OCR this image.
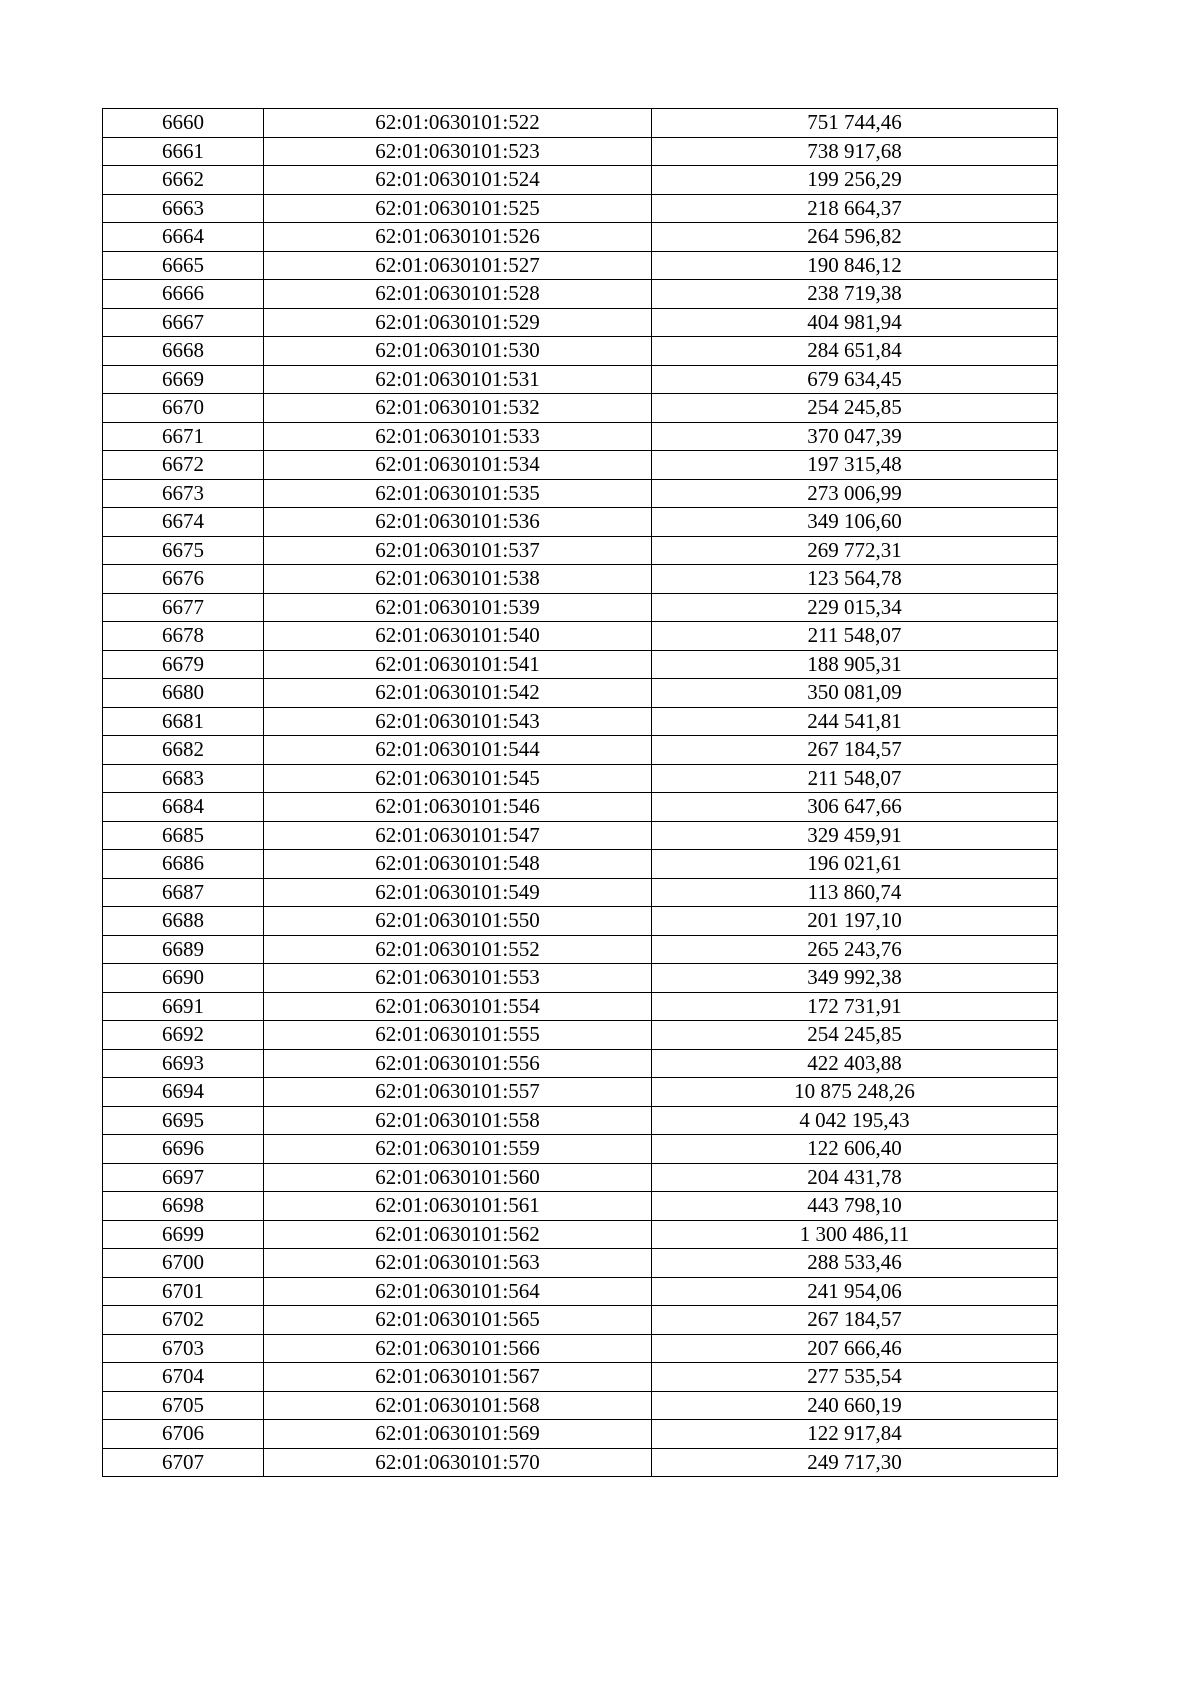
6660	62:01:0630101:522	751 744,46
6661	62:01:0630101:523	738 917,68
6662	62:01:0630101:524	199 256,29
6663	62:01:0630101:525	218 664,37
6664	62:01:0630101:526	264 596,82
6665	62:01:0630101:527	190 846,12
6666	62:01:0630101:528	238 719,38
6667	62:01:0630101:529	404 981,94
6668	62:01:0630101:530	284 651,84
6669	62:01:0630101:531	679 634,45
6670	62:01:0630101:532	254 245,85
6671	62:01:0630101:533	370 047,39
6672	62:01:0630101:534	197 315,48
6673	62:01:0630101:535	273 006,99
6674	62:01:0630101:536	349 106,60
6675	62:01:0630101:537	269 772,31
6676	62:01:0630101:538	123 564,78
6677	62:01:0630101:539	229 015,34
6678	62:01:0630101:540	211 548,07
6679	62:01:0630101:541	188 905,31
6680	62:01:0630101:542	350 081,09
6681	62:01:0630101:543	244 541,81
6682	62:01:0630101:544	267 184,57
6683	62:01:0630101:545	211 548,07
6684	62:01:0630101:546	306 647,66
6685	62:01:0630101:547	329 459,91
6686	62:01:0630101:548	196 021,61
6687	62:01:0630101:549	113 860,74
6688	62:01:0630101:550	201 197,10
6689	62:01:0630101:552	265 243,76
6690	62:01:0630101:553	349 992,38
6691	62:01:0630101:554	172 731,91
6692	62:01:0630101:555	254 245,85
6693	62:01:0630101:556	422 403,88
6694	62:01:0630101:557	10 875 248,26
6695	62:01:0630101:558	4 042 195,43
6696	62:01:0630101:559	122 606,40
6697	62:01:0630101:560	204 431,78
6698	62:01:0630101:561	443 798,10
6699	62:01:0630101:562	1 300 486,11
6700	62:01:0630101:563	288 533,46
6701	62:01:0630101:564	241 954,06
6702	62:01:0630101:565	267 184,57
6703	62:01:0630101:566	207 666,46
6704	62:01:0630101:567	277 535,54
6705	62:01:0630101:568	240 660,19
6706	62:01:0630101:569	122 917,84
6707	62:01:0630101:570	249 717,30
